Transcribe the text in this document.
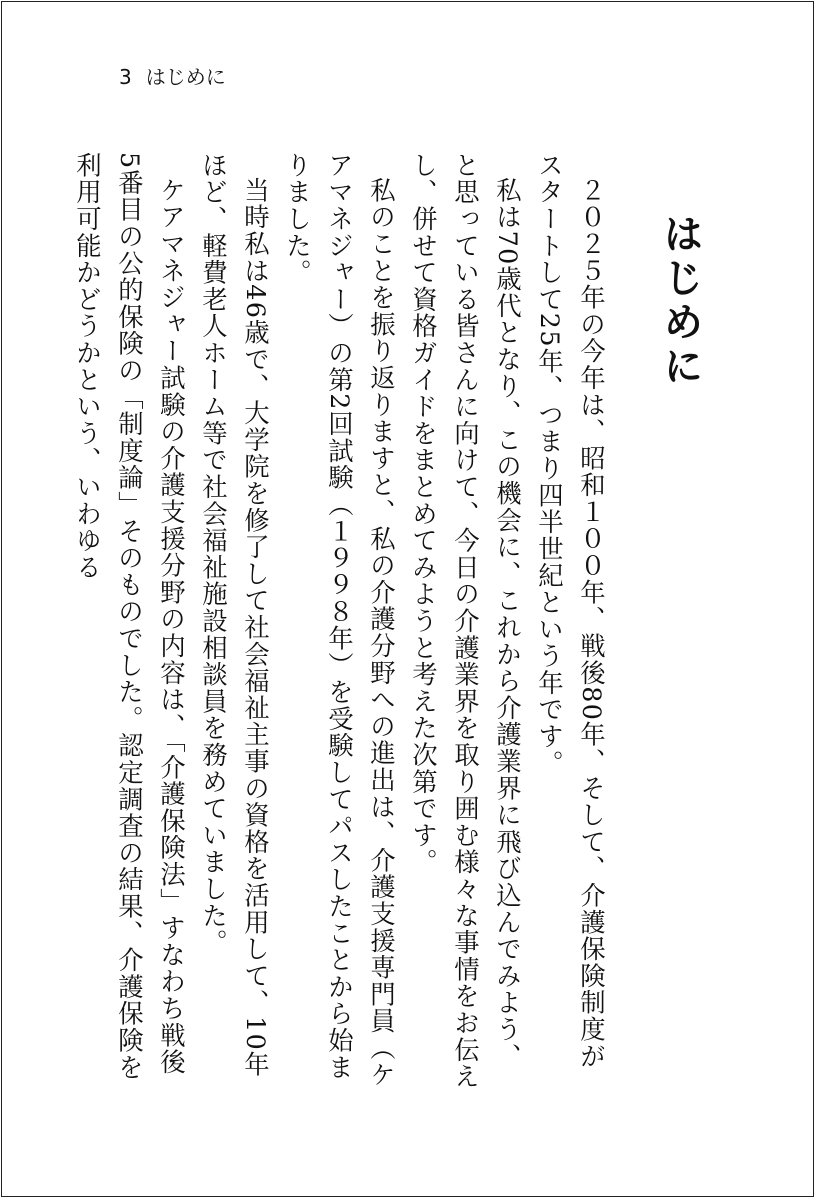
3 はじめに
はじめに

２０２５年の今年は、昭和１００年、戦後80年、そして、介護保険制度がスタートして25年、つまり四半世紀という年です。

私は70歳代となり、この機会に、これから介護業界に飛び込んでみよう、と思っている皆さんに向けて、今日の介護業界を取り囲む様々な事情をお伝えし、併せて資格ガイドをまとめてみようと考えた次第です。

私のことを振り返りますと、私の介護分野への進出は、介護支援専門員（ケアマネジャー）の第2回試験（１９９８年）を受験してパスしたことから始まりました。

当時私は46歳で、大学院を修了して社会福祉主事の資格を活用して、10年ほど、軽費老人ホーム等で社会福祉施設相談員を務めていました。

ケアマネジャー試験の介護支援分野の内容は、「介護保険法」すなわち戦後5番目の公的保険の「制度論」そのものでした。認定調査の結果、介護保険を利用可能かどうかという、いわゆる
